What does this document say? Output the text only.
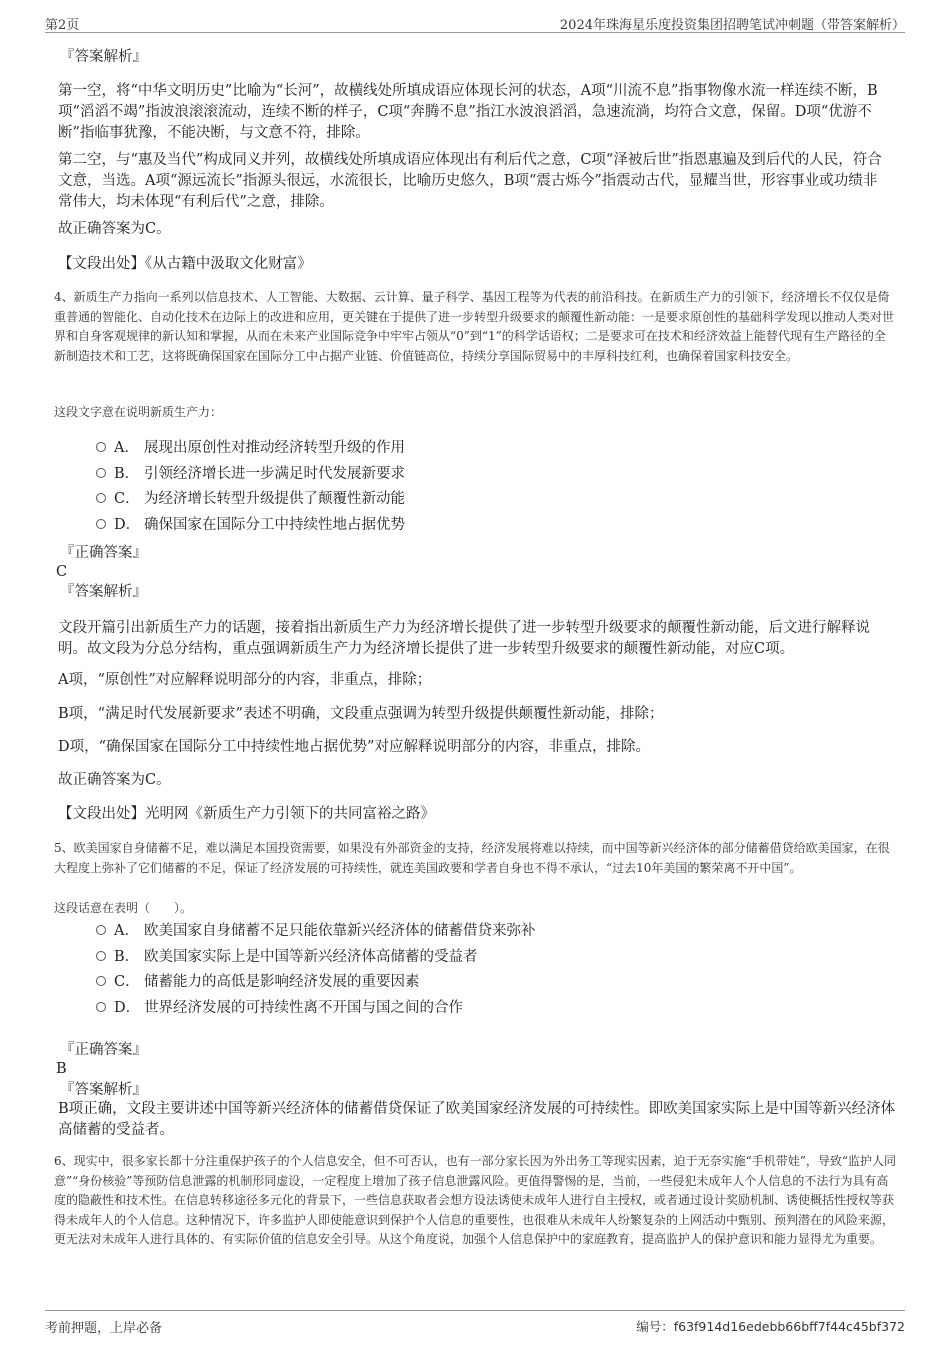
第2页	2024年珠海星乐度投资集团招聘笔试冲刺题（带答案解析）

『答案解析』

第一空，将“中华文明历史”比喻为“长河”，故横线处所填成语应体现长河的状态，A项“川流不息”指事物像水流一样连续不断，B项“滔滔不竭”指波浪滚滚流动，连续不断的样子，C项“奔腾不息”指江水波浪滔滔，急速流淌，均符合文意，保留。D项“优游不断”指临事犹豫，不能决断，与文意不符，排除。

第二空，与“惠及当代”构成同义并列，故横线处所填成语应体现出有利后代之意，C项“泽被后世”指恩惠遍及到后代的人民，符合文意，当选。A项“源远流长”指源头很远，水流很长，比喻历史悠久，B项“震古烁今”指震动古代，显耀当世，形容事业或功绩非常伟大，均未体现“有利后代”之意，排除。

故正确答案为C。

【文段出处】《从古籍中汲取文化财富》

4、新质生产力指向一系列以信息技术、人工智能、大数据、云计算、量子科学、基因工程等为代表的前沿科技。在新质生产力的引领下，经济增长不仅仅是倚重普通的智能化、自动化技术在边际上的改进和应用，更关键在于提供了进一步转型升级要求的颠覆性新动能：一是要求原创性的基础科学发现以推动人类对世界和自身客观规律的新认知和掌握，从而在未来产业国际竞争中牢牢占领从“0”到“1”的科学话语权；二是要求可在技术和经济效益上能替代现有生产路径的全新制造技术和工艺，这将既确保国家在国际分工中占据产业链、价值链高位，持续分享国际贸易中的丰厚科技红利，也确保着国家科技安全。

这段文字意在说明新质生产力：

A． 展现出原创性对推动经济转型升级的作用
B． 引领经济增长进一步满足时代发展新要求
C． 为经济增长转型升级提供了颠覆性新动能
D． 确保国家在国际分工中持续性地占据优势

『正确答案』

C

『答案解析』

文段开篇引出新质生产力的话题，接着指出新质生产力为经济增长提供了进一步转型升级要求的颠覆性新动能，后文进行解释说明。故文段为分总分结构，重点强调新质生产力为经济增长提供了进一步转型升级要求的颠覆性新动能，对应C项。

A项，“原创性”对应解释说明部分的内容，非重点，排除；

B项，“满足时代发展新要求”表述不明确，文段重点强调为转型升级提供颠覆性新动能，排除；

D项，“确保国家在国际分工中持续性地占据优势”对应解释说明部分的内容，非重点，排除。

故正确答案为C。

【文段出处】光明网《新质生产力引领下的共同富裕之路》

5、欧美国家自身储蓄不足，难以满足本国投资需要，如果没有外部资金的支持，经济发展将难以持续，而中国等新兴经济体的部分储蓄借贷给欧美国家，在很大程度上弥补了它们储蓄的不足，保证了经济发展的可持续性，就连美国政要和学者自身也不得不承认，“过去10年美国的繁荣离不开中国”。

这段话意在表明（　　）。

A． 欧美国家自身储蓄不足只能依靠新兴经济体的储蓄借贷来弥补
B． 欧美国家实际上是中国等新兴经济体高储蓄的受益者
C． 储蓄能力的高低是影响经济发展的重要因素
D． 世界经济发展的可持续性离不开国与国之间的合作

『正确答案』

B

『答案解析』

B项正确，文段主要讲述中国等新兴经济体的储蓄借贷保证了欧美国家经济发展的可持续性。即欧美国家实际上是中国等新兴经济体高储蓄的受益者。

6、现实中，很多家长都十分注重保护孩子的个人信息安全，但不可否认，也有一部分家长因为外出务工等现实因素，迫于无奈实施“手机带娃”，导致“监护人同意”“身份核验”等预防信息泄露的机制形同虚设，一定程度上增加了孩子信息泄露风险。更值得警惕的是，当前，一些侵犯未成年人个人信息的不法行为具有高度的隐蔽性和技术性。在信息转移途径多元化的背景下，一些信息获取者会想方设法诱使未成年人进行自主授权，或者通过设计奖励机制、诱使概括性授权等获得未成年人的个人信息。这种情况下，许多监护人即使能意识到保护个人信息的重要性，也很难从未成年人纷繁复杂的上网活动中甄别、预判潜在的风险来源，更无法对未成年人进行具体的、有实际价值的信息安全引导。从这个角度说，加强个人信息保护中的家庭教育，提高监护人的保护意识和能力显得尤为重要。

考前押题，上岸必备	编号：f63f914d16edebb66bff7f44c45bf372
